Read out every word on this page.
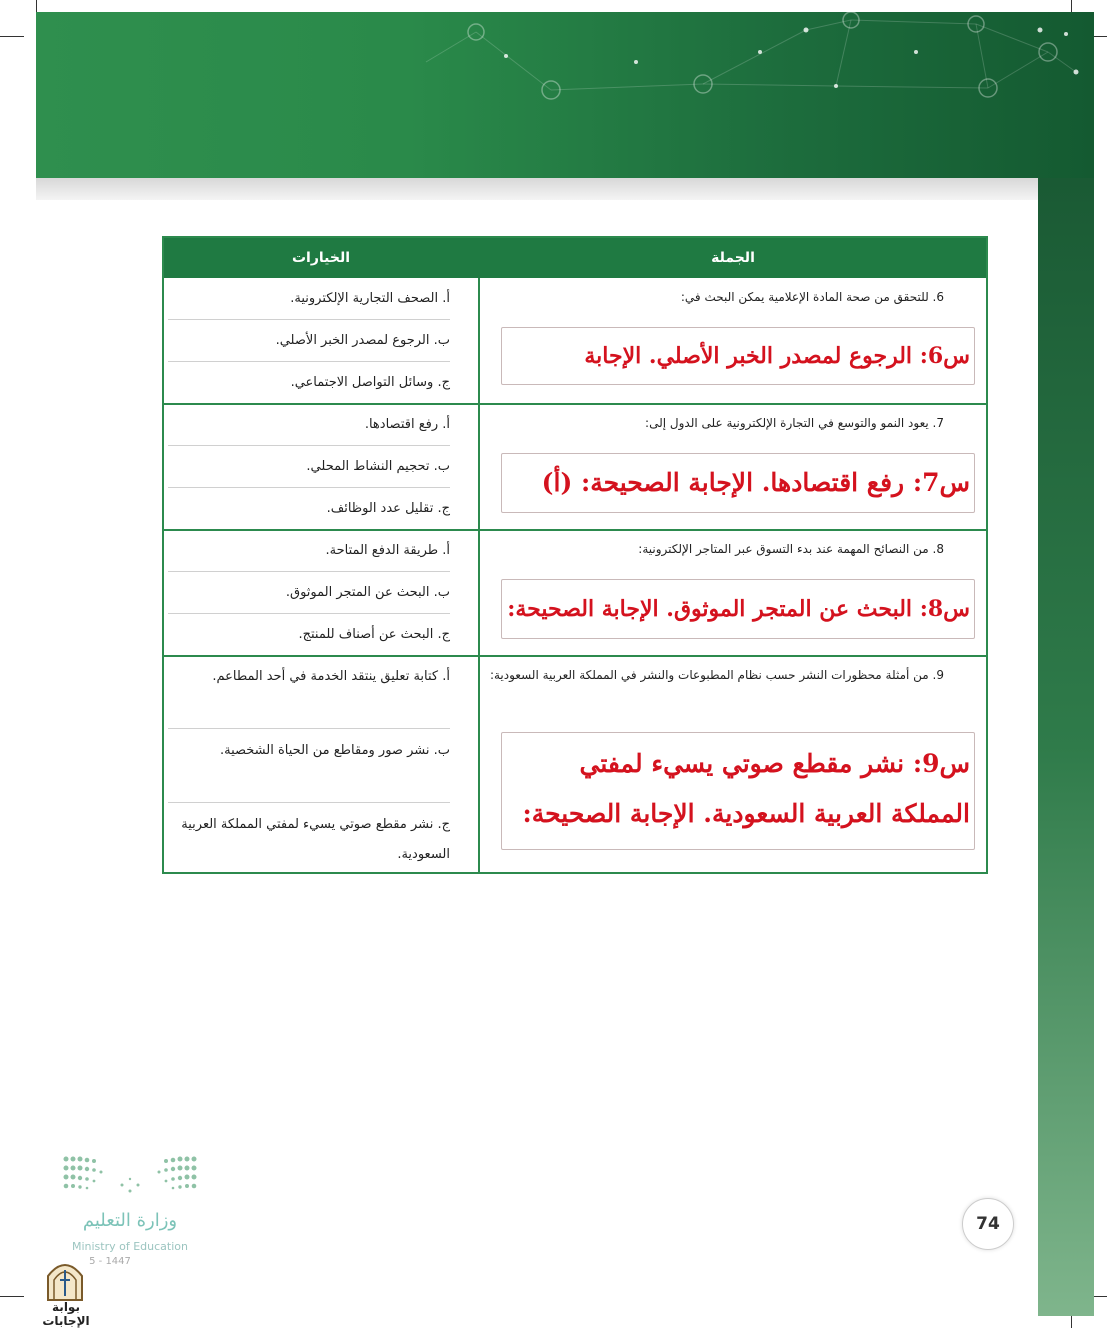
الخيارات	الجملة
6. للتحقق من صحة المادة الإعلامية يمكن البحث في:
أ. الصحف التجارية الإلكترونية.
ب. الرجوع لمصدر الخبر الأصلي.
ج. وسائل التواصل الاجتماعي.
س6: الرجوع لمصدر الخبر الأصلي. الإجابة
7. يعود النمو والتوسع في التجارة الإلكترونية على الدول إلى:
أ. رفع اقتصادها.
ب. تحجيم النشاط المحلي.
ج. تقليل عدد الوظائف.
س7: رفع اقتصادها. الإجابة الصحيحة: (أ)
8. من النصائح المهمة عند بدء التسوق عبر المتاجر الإلكترونية:
أ. طريقة الدفع المتاحة.
ب. البحث عن المتجر الموثوق.
ج. البحث عن أصناف للمنتج.
س8: البحث عن المتجر الموثوق. الإجابة الصحيحة:
9. من أمثلة محظورات النشر حسب نظام المطبوعات والنشر في المملكة العربية السعودية:
أ. كتابة تعليق ينتقد الخدمة في أحد المطاعم.
ب. نشر صور ومقاطع من الحياة الشخصية.
ج. نشر مقطع صوتي يسيء لمفتي المملكة العربية السعودية.
س9: نشر مقطع صوتي يسيء لمفتي المملكة العربية السعودية. الإجابة الصحيحة:
74
وزارة التعليم
Ministry of Education
5 - 1447
بوابة الإجابات
